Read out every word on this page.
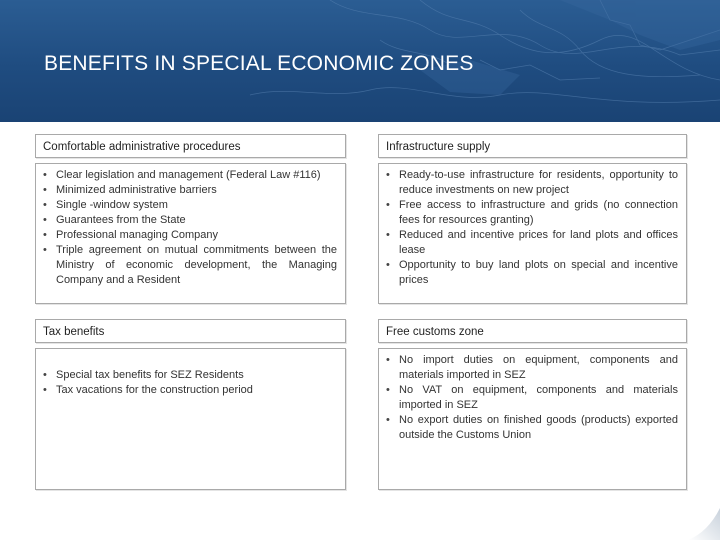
BENEFITS IN SPECIAL ECONOMIC ZONES
Comfortable administrative procedures
• Clear legislation and management (Federal Law #116)
• Minimized administrative barriers
• Single -window system
• Guarantees from the State
• Professional managing Company
• Triple agreement on mutual commitments between the Ministry of economic development, the Managing Company and a Resident
Infrastructure supply
• Ready-to-use infrastructure for residents, opportunity to reduce investments on new project
• Free access to infrastructure and grids (no connection fees for resources granting)
• Reduced and incentive prices for land plots and offices lease
• Opportunity to buy land plots on special and incentive prices
Tax benefits
• Special tax benefits for SEZ Residents
• Tax vacations for the construction period
Free customs zone
• No import duties on equipment, components and materials imported in SEZ
• No VAT on equipment, components and materials imported in SEZ
• No export duties on finished goods (products) exported outside the Customs Union
